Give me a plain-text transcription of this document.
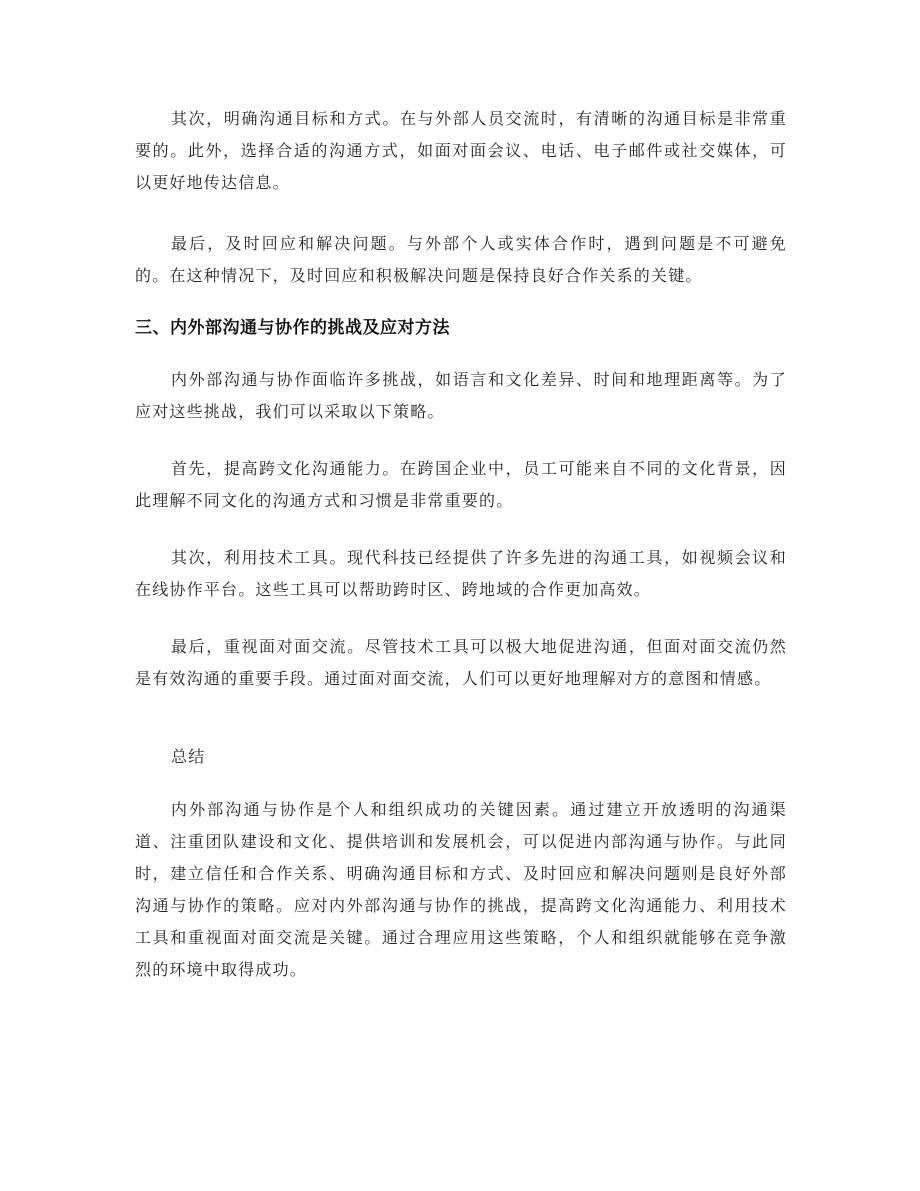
其次，明确沟通目标和方式。在与外部人员交流时，有清晰的沟通目标是非常重要的。此外，选择合适的沟通方式，如面对面会议、电话、电子邮件或社交媒体，可以更好地传达信息。

最后，及时回应和解决问题。与外部个人或实体合作时，遇到问题是不可避免的。在这种情况下，及时回应和积极解决问题是保持良好合作关系的关键。

三、内外部沟通与协作的挑战及应对方法

内外部沟通与协作面临许多挑战，如语言和文化差异、时间和地理距离等。为了应对这些挑战，我们可以采取以下策略。

首先，提高跨文化沟通能力。在跨国企业中，员工可能来自不同的文化背景，因此理解不同文化的沟通方式和习惯是非常重要的。

其次，利用技术工具。现代科技已经提供了许多先进的沟通工具，如视频会议和在线协作平台。这些工具可以帮助跨时区、跨地域的合作更加高效。

最后，重视面对面交流。尽管技术工具可以极大地促进沟通，但面对面交流仍然是有效沟通的重要手段。通过面对面交流，人们可以更好地理解对方的意图和情感。

总结

内外部沟通与协作是个人和组织成功的关键因素。通过建立开放透明的沟通渠道、注重团队建设和文化、提供培训和发展机会，可以促进内部沟通与协作。与此同时，建立信任和合作关系、明确沟通目标和方式、及时回应和解决问题则是良好外部沟通与协作的策略。应对内外部沟通与协作的挑战，提高跨文化沟通能力、利用技术工具和重视面对面交流是关键。通过合理应用这些策略，个人和组织就能够在竞争激烈的环境中取得成功。
